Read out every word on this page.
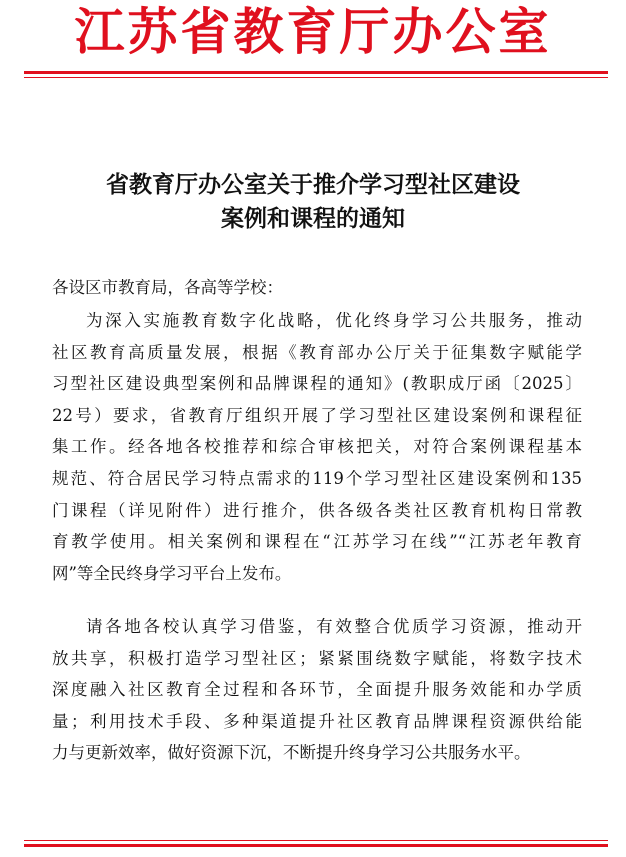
江苏省教育厅办公室
省教育厅办公室关于推介学习型社区建设
案例和课程的通知
各设区市教育局，各高等学校：
为深入实施教育数字化战略，优化终身学习公共服务，推动
社区教育高质量发展，根据《教育部办公厅关于征集数字赋能学
习型社区建设典型案例和品牌课程的通知》(教职成厅函〔2025〕
22号）要求，省教育厅组织开展了学习型社区建设案例和课程征
集工作。经各地各校推荐和综合审核把关，对符合案例课程基本
规范、符合居民学习特点需求的119个学习型社区建设案例和135
门课程（详见附件）进行推介，供各级各类社区教育机构日常教
育教学使用。相关案例和课程在“江苏学习在线”“江苏老年教育
网”等全民终身学习平台上发布。
请各地各校认真学习借鉴，有效整合优质学习资源，推动开
放共享，积极打造学习型社区；紧紧围绕数字赋能，将数字技术
深度融入社区教育全过程和各环节，全面提升服务效能和办学质
量；利用技术手段、多种渠道提升社区教育品牌课程资源供给能
力与更新效率，做好资源下沉，不断提升终身学习公共服务水平。
